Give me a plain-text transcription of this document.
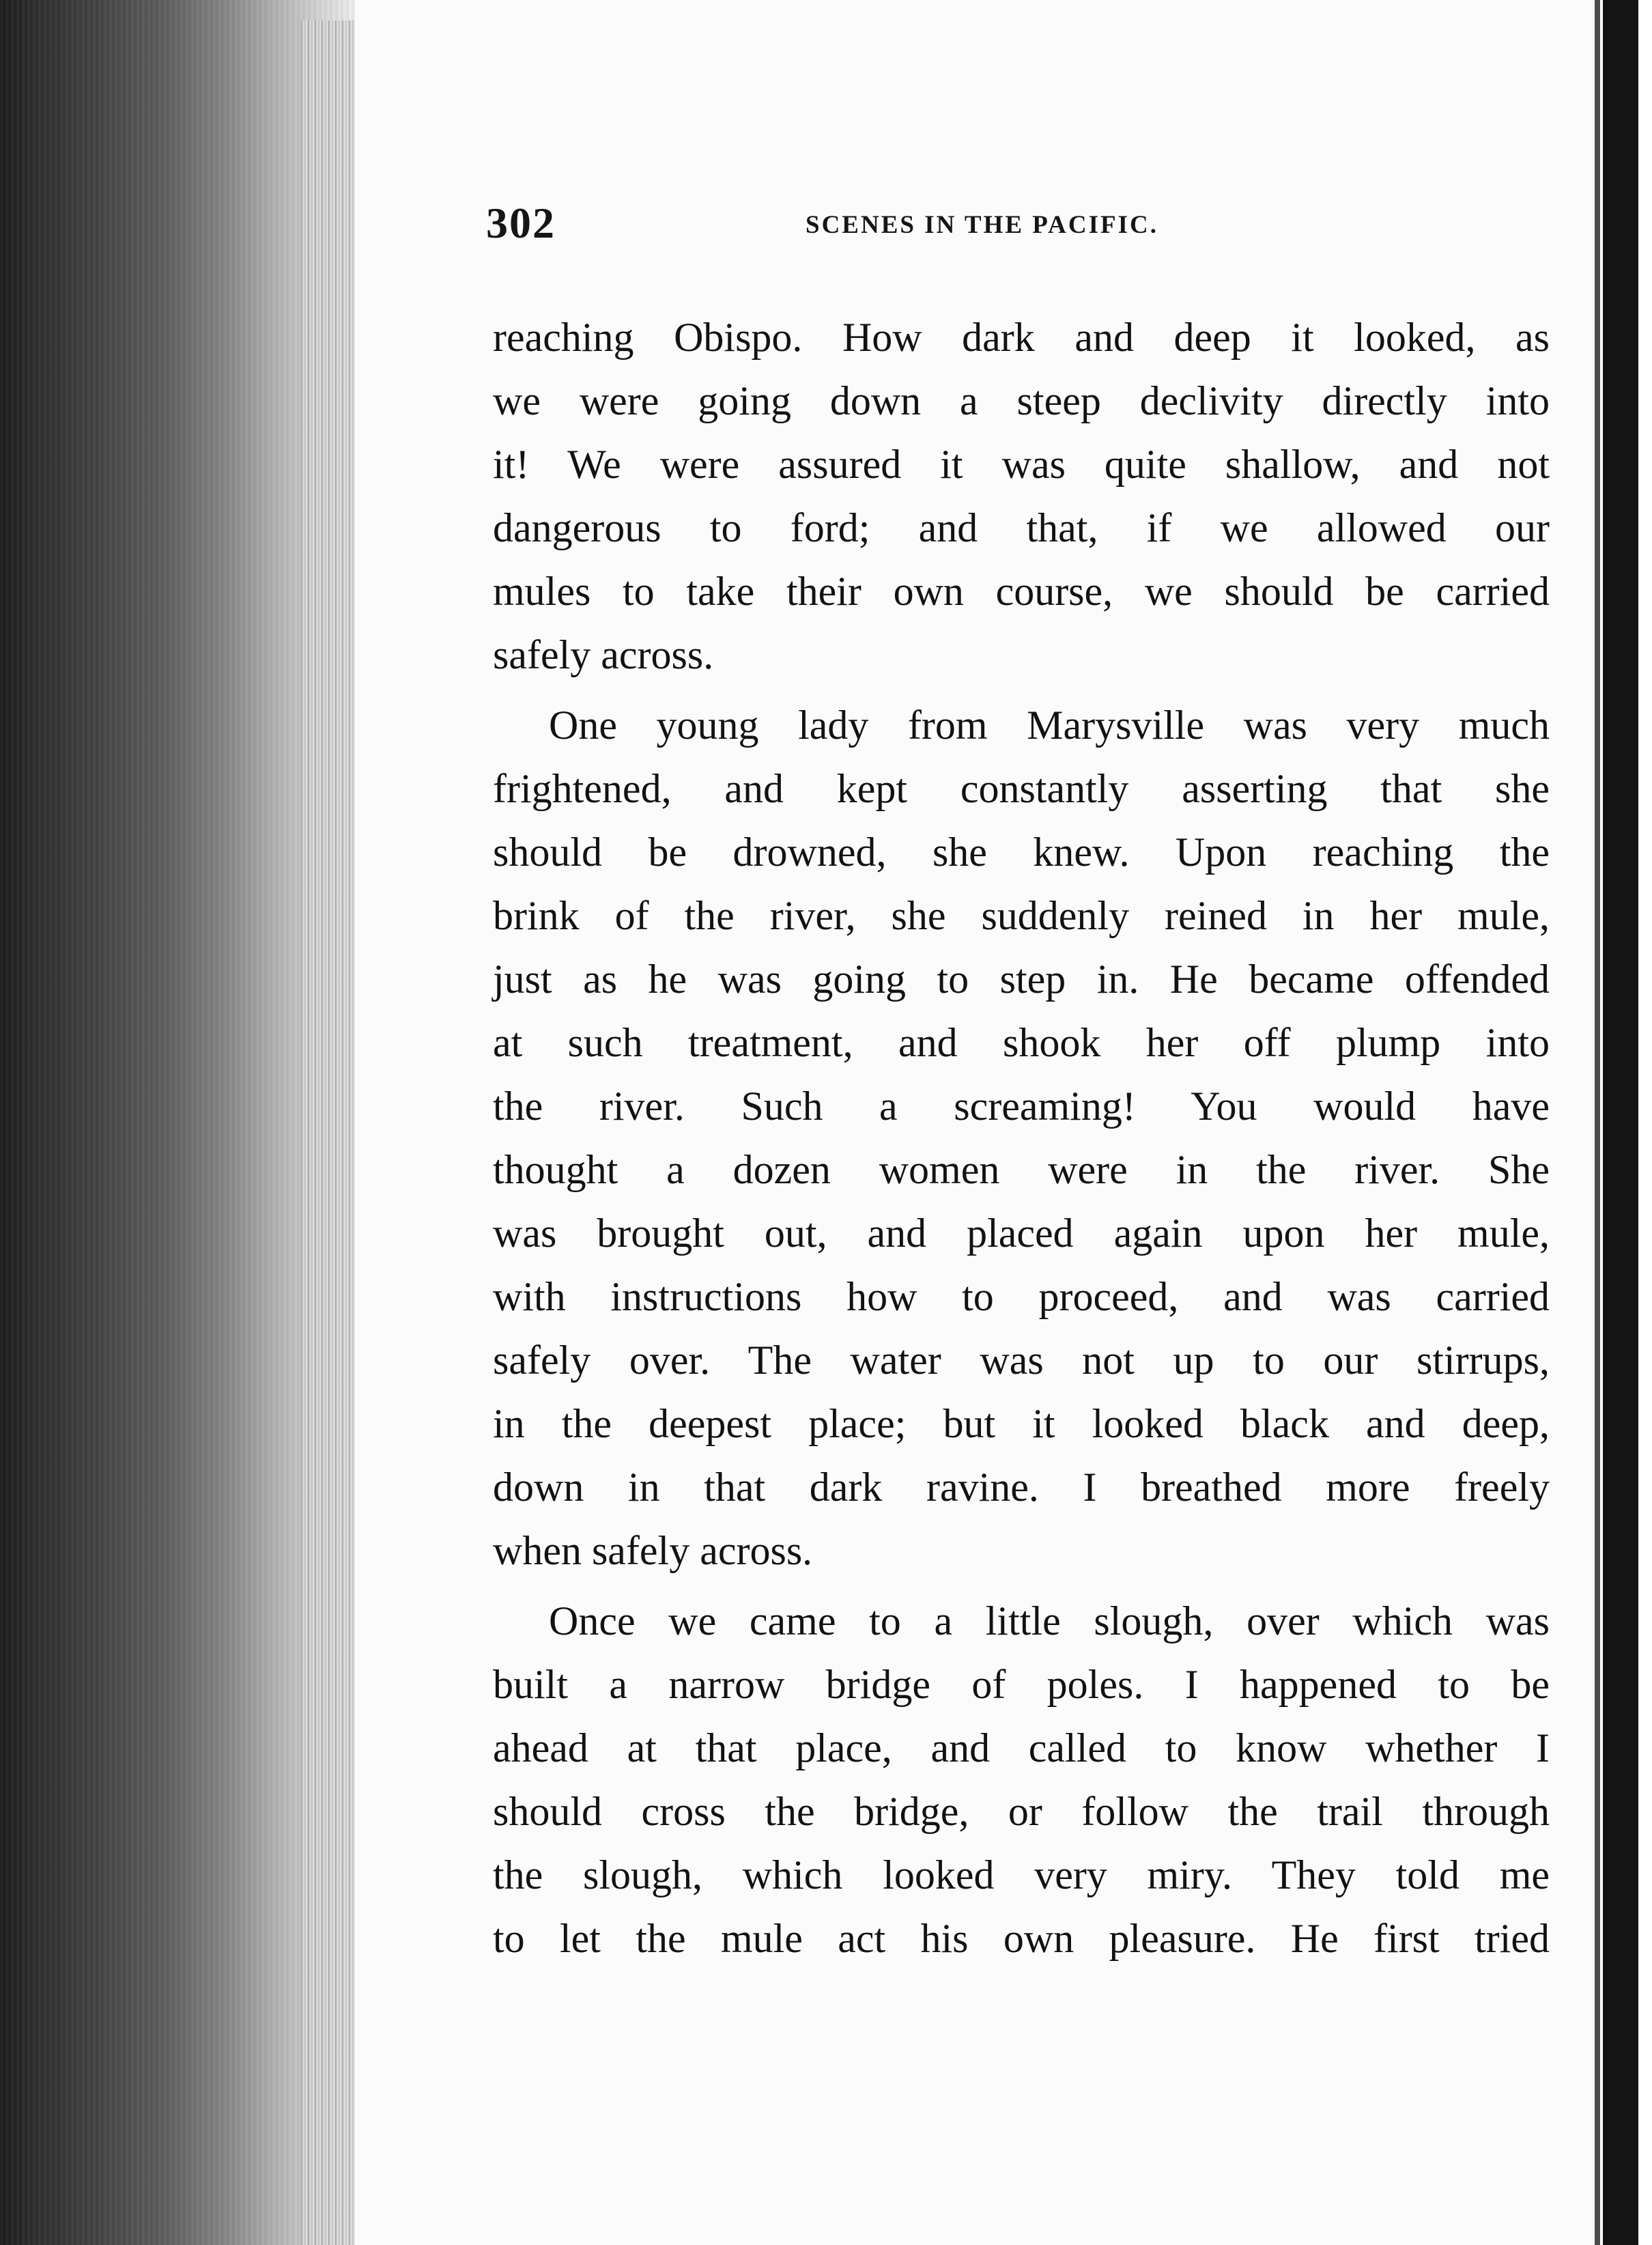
302	SCENES IN THE PACIFIC.
reaching Obispo. How dark and deep it looked, as
we were going down a steep declivity directly into
it! We were assured it was quite shallow, and not
dangerous to ford; and that, if we allowed our
mules to take their own course, we should be carried
safely across.
One young lady from Marysville was very much
frightened, and kept constantly asserting that she
should be drowned, she knew. Upon reaching the
brink of the river, she suddenly reined in her mule,
just as he was going to step in. He became offended
at such treatment, and shook her off plump into
the river. Such a screaming! You would have
thought a dozen women were in the river. She
was brought out, and placed again upon her mule,
with instructions how to proceed, and was carried
safely over. The water was not up to our stirrups,
in the deepest place; but it looked black and deep,
down in that dark ravine. I breathed more freely
when safely across.
Once we came to a little slough, over which was
built a narrow bridge of poles. I happened to be
ahead at that place, and called to know whether I
should cross the bridge, or follow the trail through
the slough, which looked very miry. They told me
to let the mule act his own pleasure. He first tried
